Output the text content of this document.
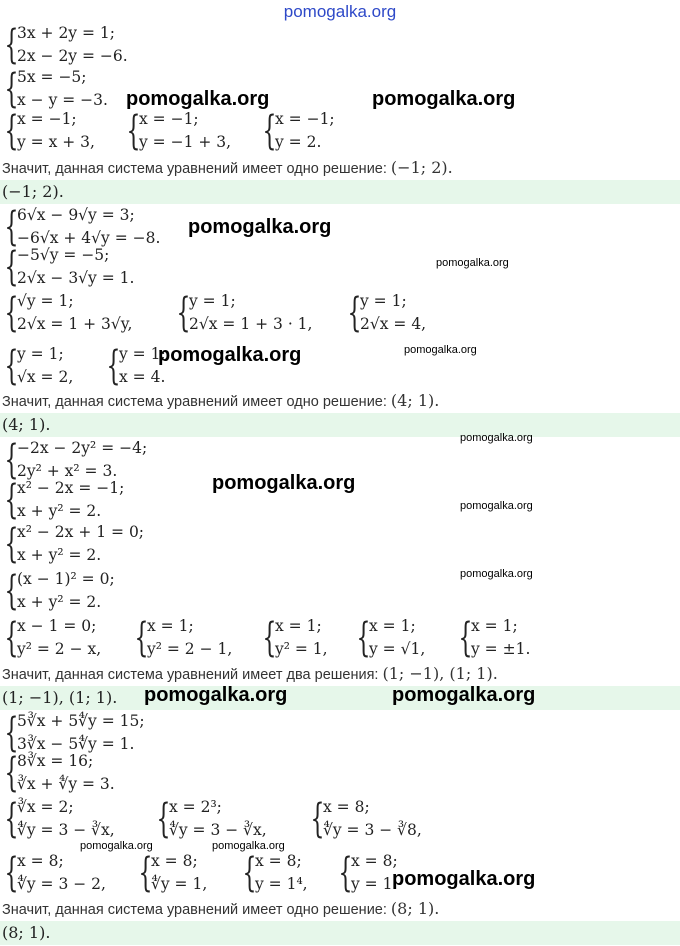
pomogalka.org
{
3x + 2y = 1;
2x − 2y = −6.
{
5x = −5;
x − y = −3.
{
x = −1;
y = x + 3, {
x = −1;
y = −1 + 3, {
x = −1;
y = 2.
Значит, данная система уравнений имеет одно решение: (−1; 2).
(−1; 2).
{
6√x − 9√y = 3;
−6√x + 4√y = −8.
{
−5√y = −5;
2√x − 3√y = 1.
{
√y = 1;
2√x = 1 + 3√y, {
y = 1;
2√x = 1 + 3 · 1, {
y = 1;
2√x = 4,
{
y = 1;
√x = 2, {
y = 1;
x = 4.
Значит, данная система уравнений имеет одно решение: (4; 1).
(4; 1).
{
−2x − 2y² = −4;
2y² + x² = 3.
{
x² − 2x = −1;
x + y² = 2.
{
x² − 2x + 1 = 0;
x + y² = 2.
{
(x − 1)² = 0;
x + y² = 2.
{
x − 1 = 0;
y² = 2 − x, {
x = 1;
y² = 2 − 1, {
x = 1;
y² = 1, {
x = 1;
y = √1, {
x = 1;
y = ±1.
Значит, данная система уравнений имеет два решения: (1; −1), (1; 1).
(1; −1), (1; 1).
{
5∛x + 5∜y = 15;
3∛x − 5∜y = 1.
{
8∛x = 16;
∛x + ∜y = 3.
{
∛x = 2;
∜y = 3 − ∛x, {
x = 2³;
∜y = 3 − ∛x, {
x = 8;
∜y = 3 − ∛8,
{
x = 8;
∜y = 3 − 2, {
x = 8;
∜y = 1, {
x = 8;
y = 1⁴, {
x = 8;
y = 1.
Значит, данная система уравнений имеет одно решение: (8; 1).
(8; 1).
pomogalka.org	pomogalka.org
pomogalka.org
pomogalka.org
pomogalka.org	pomogalka.org
pomogalka.org
pomogalka.org
pomogalka.org
pomogalka.org
pomogalka.org	pomogalka.org
pomogalka.org	pomogalka.org
pomogalka.org
